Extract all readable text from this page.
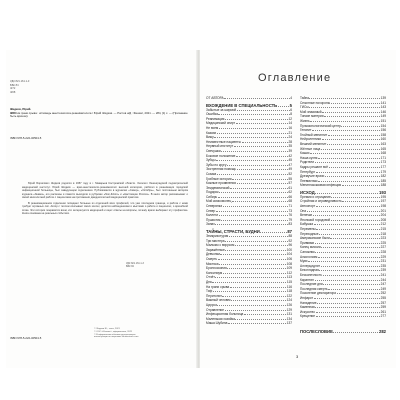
УДК 821.161.1-3
ББК 84
Ж72
Ж68
Жидков, Юрий.
Ж68 На грани срыва : исповедь анестезиолога-реаниматолога / Юрий Жидков. — Ростов н/Д : Феникс, 2021. — 284, [1] с. — (Признание быть врачом).
ISBN 978-5-222-32504-5

Юрий Борисович Жидков родился в 1957 году в г. Макарьев Костромской области. Окончил Ленинградский педиатрический медицинский институт. Юрий Жидков — врач-анестезиолог-реаниматолог высшей категории, работал в реанимации городской инфекционной больницы, был заведующим отделением. Публиковался в журналах «Север», «Октябрь», был постоянным автором журнала «Знамя», его рассказы и повести выходили в рубриках «Non-fiction» и «Настоящие Россия». В книге автор рассказывает о своей многолетней работе с пациентами на протяжении двадцатилетней медицинской практики.

В реанимационном отделении попадают больные из отделений всех профилей, это уже последняя граница, и работа с ними требует огромных сил. Автор с теплом описывает своих коллег, делится наблюдениями и мыслями о работе и пациентах, о врачебной этике. Эти истории понравятся всем, кто интересуется медициной и ищет ответы на вопросы, почему врачи выбирают эту профессию. Книга основана на реальных событиях.

УДК 821.161.1-3
ББК 84
© Жидков Ю., текст, 2021
© ООО «Феникс», оформление, 2021
© В оформлении обложки использованы
иллюстрации по лицензии Shutterstock.com
ISBN 978-5-222-32504-5
Оглавление
ОТ АВТОРА	4
ВХОЖДЕНИЕ В СПЕЦИАЛЬНОСТЬ	5
Забытые за ширмой	6
Ошибка	8
Реанимация	12
Медицинский спирт	14
Не всем	16
Казахи	21
Вижу	24
Неизвестные пациенты	28
Нервный институт	35
Свечушки	39
Боковое положение	42
Зубцы	45
Зубы по кругу	47
Экстренная помощь	49
Сказка	52
Грибные истории	55
Кожные проявления	57
Эпидемический	61
Подарок	62
Сибирь	66
Мой комсомолец	68
Северянка	71
Север	73
Коллеги	76
Пушистик	79
Запах	83
ТАЙНЫ, СТРАСТИ, БУДНИ	87
Эпикризотурия	88
Три мистера	92
Мальчик с вирусом	96
Заражённые	100
Девчонки	104
Смерть	106
Мистика	108
Бронхоскопия	109
Консилиум	112
Отчёт	113
Дна	115
На грани срыва	116
Тиф	118
Перитонит	122
Важный человек	124
Цирроз	126
Отравление	129
Инфекционная больница	131
Маленькая хозяйка	134
Маша Шубина	137
Тайна	139
Сезонные похороны	141
ГИСы	143
Мой знакомый	146
Тонкие материи	149
Жизнь	151
Пульмонологический центр	154
Гепатит	156
Гнойный менингит	158
Нейролептики	160
Вешний менингит	163
Жёлтые лица	165
Кошки	168
Наша кухня	171
Родители	173
Кадры решают всё	177
Петербург	179
Дремучие врачи	182
Пневмотакс	185
Менингококковая инфекция	188
ИСХОД	193
Премии и отрицание	195
Стройная и справедливость	197
Автоспорт	198
Она	201
Венечки	204
Японский городовой	208
Бабушка	212
Перемены	215
Переходные	218
Американские были	223
Прививки	225
Конец миссии	227
Сапожник	228
Алкоголизм	229
Муки	231
Аллерцидлит	235
Безоглядная	239
Бесконечность	241
Карантин	244
Последние дни	247
Последняя смерть	249
Поколение декларатора	252
Инфаркт	255
Нападение	257
Каменная	259
Искусство	261
Крещение	277
ПОСЛЕСЛОВИЕ	282
3
